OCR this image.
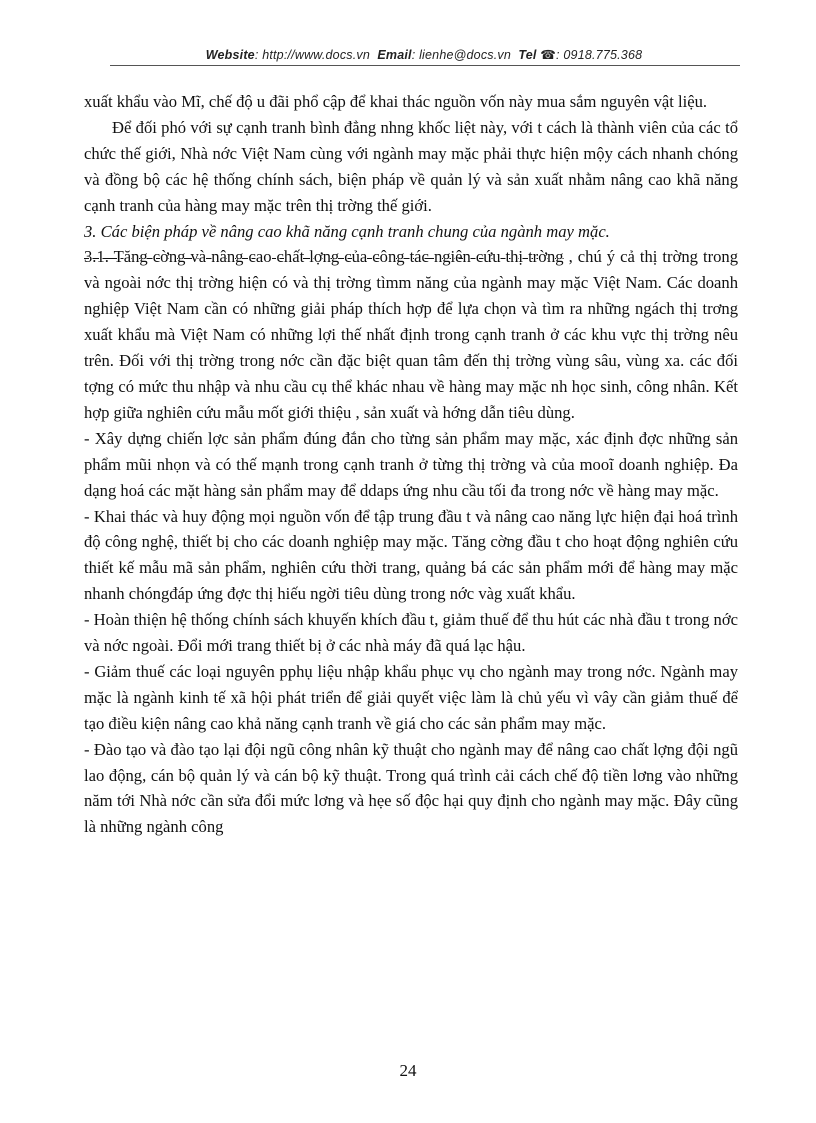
Website: http://www.docs.vn Email: lienhe@docs.vn Tel ☎: 0918.775.368

xuất khẩu vào Mĩ, chế độ u đãi phổ cập để khai thác nguồn vốn này mua sắm nguyên vật liệu.

Để đối phó với sự cạnh tranh bình đẳng nhng khốc liệt này, với t cách là thành viên của các tổ chức thế giới, Nhà nớc Việt Nam cùng với ngành may mặc phải thực hiện mộy cách nhanh chóng và đồng bộ các hệ thống chính sách, biện pháp về quản lý và sản xuất nhằm nâng cao khã năng cạnh tranh của hàng may mặc trên thị trờng thế giới.

3. Các biện pháp về nâng cao khã năng cạnh tranh chung của ngành may mặc.

3.1. Tăng cờng và nâng cao chất lợng của công tác ngiên cứu thị trờng , chú ý cả thị trờng trong và ngoài nớc thị trờng hiện có và thị trờng tìmm năng của ngành may mặc Việt Nam. Các doanh nghiệp Việt Nam cần có những giải pháp thích hợp để lựa chọn và tìm ra những ngách thị trơng xuất khẩu mà Việt Nam có những lợi thế nhất định trong cạnh tranh ở các khu vực thị trờng nêu trên. Đối với thị trờng trong nớc cần đặc biệt quan tâm đến thị trờng vùng sâu, vùng xa. các đối tợng có mức thu nhập và nhu cầu cụ thể khác nhau về hàng may mặc nh học sinh, công nhân. Kết hợp giữa nghiên cứu mẫu mốt giới thiệu , sản xuất và hớng dẫn tiêu dùng.

- Xây dựng chiến lợc sản phẩm đúng đắn cho từng sản phẩm may mặc, xác định đợc những sản phẩm mũi nhọn và có thế mạnh trong cạnh tranh ở từng thị trờng và của mooĩ doanh nghiệp. Đa dạng hoá các mặt hàng sản phẩm may để ddaps ứng nhu cầu tối đa trong nớc về hàng may mặc.

- Khai thác và huy động mọi nguồn vốn để tập trung đầu t và nâng cao năng lực hiện đại hoá trình độ công nghệ, thiết bị cho các doanh nghiệp may mặc. Tăng cờng đầu t cho hoạt động nghiên cứu thiết kế mẫu mã sản phẩm, nghiên cứu thời trang, quảng bá các sản phẩm mới để hàng may mặc nhanh chóngđáp ứng đợc thị hiếu ngời tiêu dùng trong nớc vàg xuất khẩu.

- Hoàn thiện hệ thống chính sách khuyến khích đầu t, giảm thuế để thu hút các nhà đầu t trong nớc và nớc ngoài. Đổi mới trang thiết bị ở các nhà máy đã quá lạc hậu.

- Giảm thuế các loại nguyên pphụ liệu nhập khẩu phục vụ cho ngành may trong nớc. Ngành may mặc là ngành kinh tế xã hội phát triển để giải quyết việc làm là chủ yếu vì vây cần giảm thuế để tạo điều kiện nâng cao khả năng cạnh tranh về giá cho các sản phẩm may mặc.

- Đào tạo và đào tạo lại đội ngũ công nhân kỹ thuật cho ngành may để nâng cao chất lợng đội ngũ lao động, cán bộ quản lý và cán bộ kỹ thuật. Trong quá trình cải cách chế độ tiền lơng vào những năm tới Nhà nớc cần sửa đổi mức lơng và hẹe số độc hại quy định cho ngành may mặc. Đây cũng là những ngành công

24
